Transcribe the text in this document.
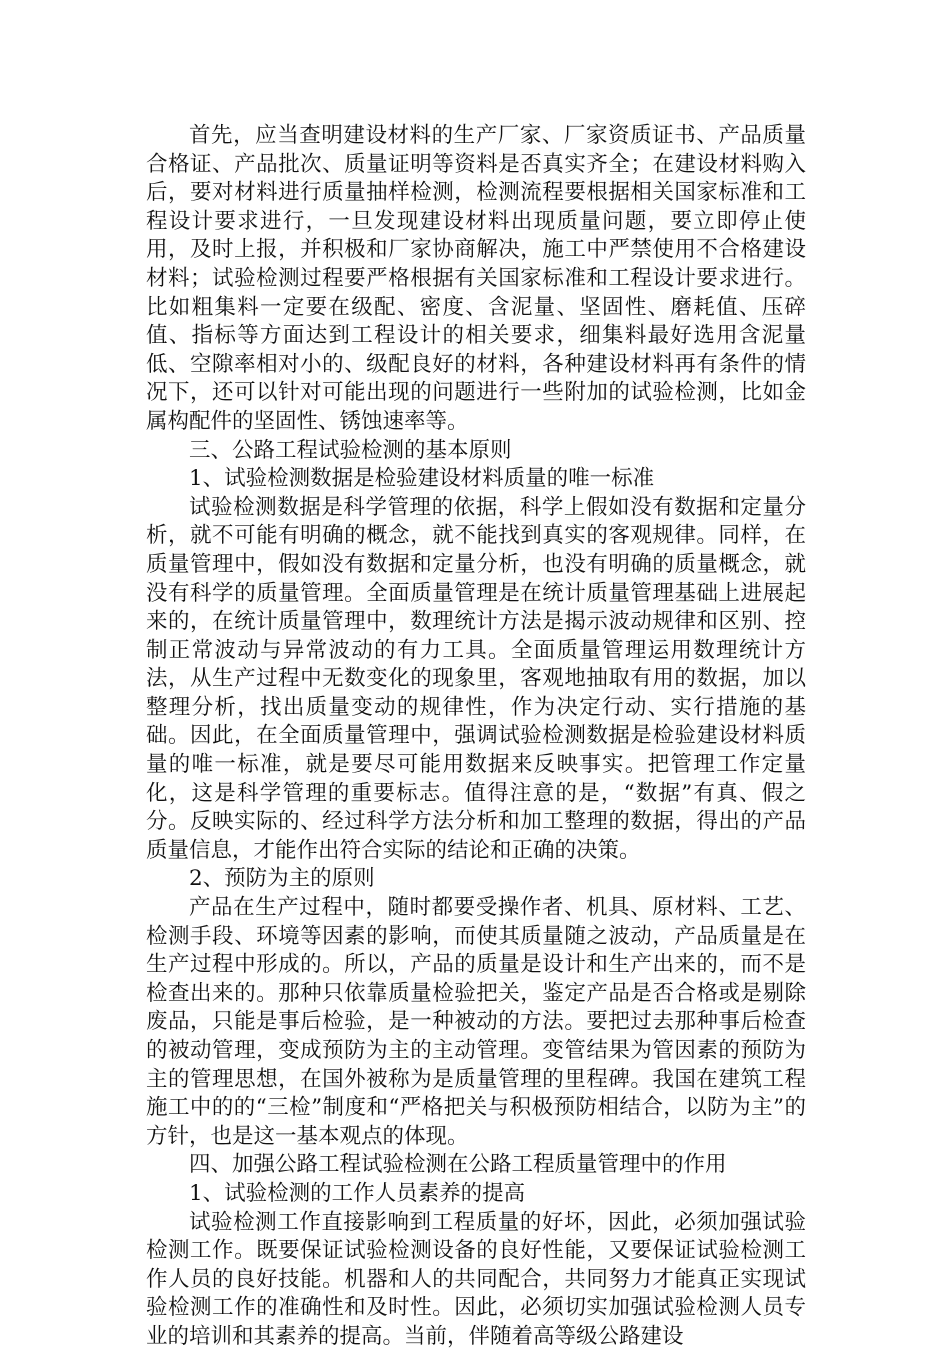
首先，应当查明建设材料的生产厂家、厂家资质证书、产品质量合格证、产品批次、质量证明等资料是否真实齐全；在建设材料购入后，要对材料进行质量抽样检测，检测流程要根据相关国家标准和工程设计要求进行，一旦发现建设材料出现质量问题，要立即停止使用，及时上报，并积极和厂家协商解决，施工中严禁使用不合格建设材料；试验检测过程要严格根据有关国家标准和工程设计要求进行。比如粗集料一定要在级配、密度、含泥量、坚固性、磨耗值、压碎值、指标等方面达到工程设计的相关要求，细集料最好选用含泥量低、空隙率相对小的、级配良好的材料，各种建设材料再有条件的情况下，还可以针对可能出现的问题进行一些附加的试验检测，比如金属构配件的坚固性、锈蚀速率等。

三、公路工程试验检测的基本原则

1、试验检测数据是检验建设材料质量的唯一标准

试验检测数据是科学管理的依据，科学上假如没有数据和定量分析，就不可能有明确的概念，就不能找到真实的客观规律。同样，在质量管理中，假如没有数据和定量分析，也没有明确的质量概念，就没有科学的质量管理。全面质量管理是在统计质量管理基础上进展起来的，在统计质量管理中，数理统计方法是揭示波动规律和区别、控制正常波动与异常波动的有力工具。全面质量管理运用数理统计方法，从生产过程中无数变化的现象里，客观地抽取有用的数据，加以整理分析，找出质量变动的规律性，作为决定行动、实行措施的基础。因此，在全面质量管理中，强调试验检测数据是检验建设材料质量的唯一标准，就是要尽可能用数据来反映事实。把管理工作定量化，这是科学管理的重要标志。值得注意的是，“数据”有真、假之分。反映实际的、经过科学方法分析和加工整理的数据，得出的产品质量信息，才能作出符合实际的结论和正确的决策。

2、预防为主的原则

产品在生产过程中，随时都要受操作者、机具、原材料、工艺、检测手段、环境等因素的影响，而使其质量随之波动，产品质量是在生产过程中形成的。所以，产品的质量是设计和生产出来的，而不是检查出来的。那种只依靠质量检验把关，鉴定产品是否合格或是剔除废品，只能是事后检验，是一种被动的方法。要把过去那种事后检查的被动管理，变成预防为主的主动管理。变管结果为管因素的预防为主的管理思想，在国外被称为是质量管理的里程碑。我国在建筑工程施工中的的“三检”制度和“严格把关与积极预防相结合，以防为主”的方针，也是这一基本观点的体现。

四、加强公路工程试验检测在公路工程质量管理中的作用

1、试验检测的工作人员素养的提高

试验检测工作直接影响到工程质量的好坏，因此，必须加强试验检测工作。既要保证试验检测设备的良好性能，又要保证试验检测工作人员的良好技能。机器和人的共同配合，共同努力才能真正实现试验检测工作的准确性和及时性。因此，必须切实加强试验检测人员专业的培训和其素养的提高。当前，伴随着高等级公路建设
